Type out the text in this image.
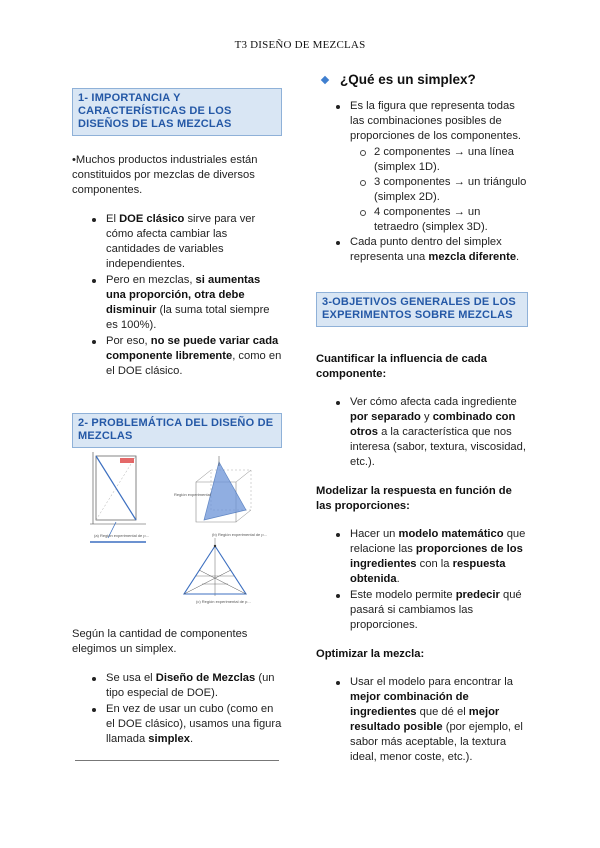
T3 DISEÑO DE MEZCLAS
1- IMPORTANCIA Y CARACTERÍSTICAS DE LOS DISEÑOS DE LAS MEZCLAS
•Muchos productos industriales están constituidos por mezclas de diversos componentes.
El DOE clásico sirve para ver cómo afecta cambiar las cantidades de variables independientes.
Pero en mezclas, si aumentas una proporción, otra debe disminuir (la suma total siempre es 100%).
Por eso, no se puede variar cada componente libremente, como en el DOE clásico.
2- PROBLEMÁTICA DEL DISEÑO DE MEZCLAS
(a) Región experimental de p...
Región experimental
(b) Región experimental de p...
(c) Región experimental de p...
Según la cantidad de componentes elegimos un simplex.
Se usa el Diseño de Mezclas (un tipo especial de DOE).
En vez de usar un cubo (como en el DOE clásico), usamos una figura llamada simplex.
¿Qué es un simplex?
Es la figura que representa todas las combinaciones posibles de proporciones de los componentes.
2 componentes → una línea (simplex 1D).
3 componentes → un triángulo (simplex 2D).
4 componentes → un tetraedro (simplex 3D).
Cada punto dentro del simplex representa una mezcla diferente.
3-OBJETIVOS GENERALES DE LOS EXPERIMENTOS SOBRE MEZCLAS
Cuantificar la influencia de cada componente:
Ver cómo afecta cada ingrediente por separado y combinado con otros a la característica que nos interesa (sabor, textura, viscosidad, etc.).
Modelizar la respuesta en función de las proporciones:
Hacer un modelo matemático que relacione las proporciones de los ingredientes con la respuesta obtenida.
Este modelo permite predecir qué pasará si cambiamos las proporciones.
Optimizar la mezcla:
Usar el modelo para encontrar la mejor combinación de ingredientes que dé el mejor resultado posible (por ejemplo, el sabor más aceptable, la textura ideal, menor coste, etc.).
